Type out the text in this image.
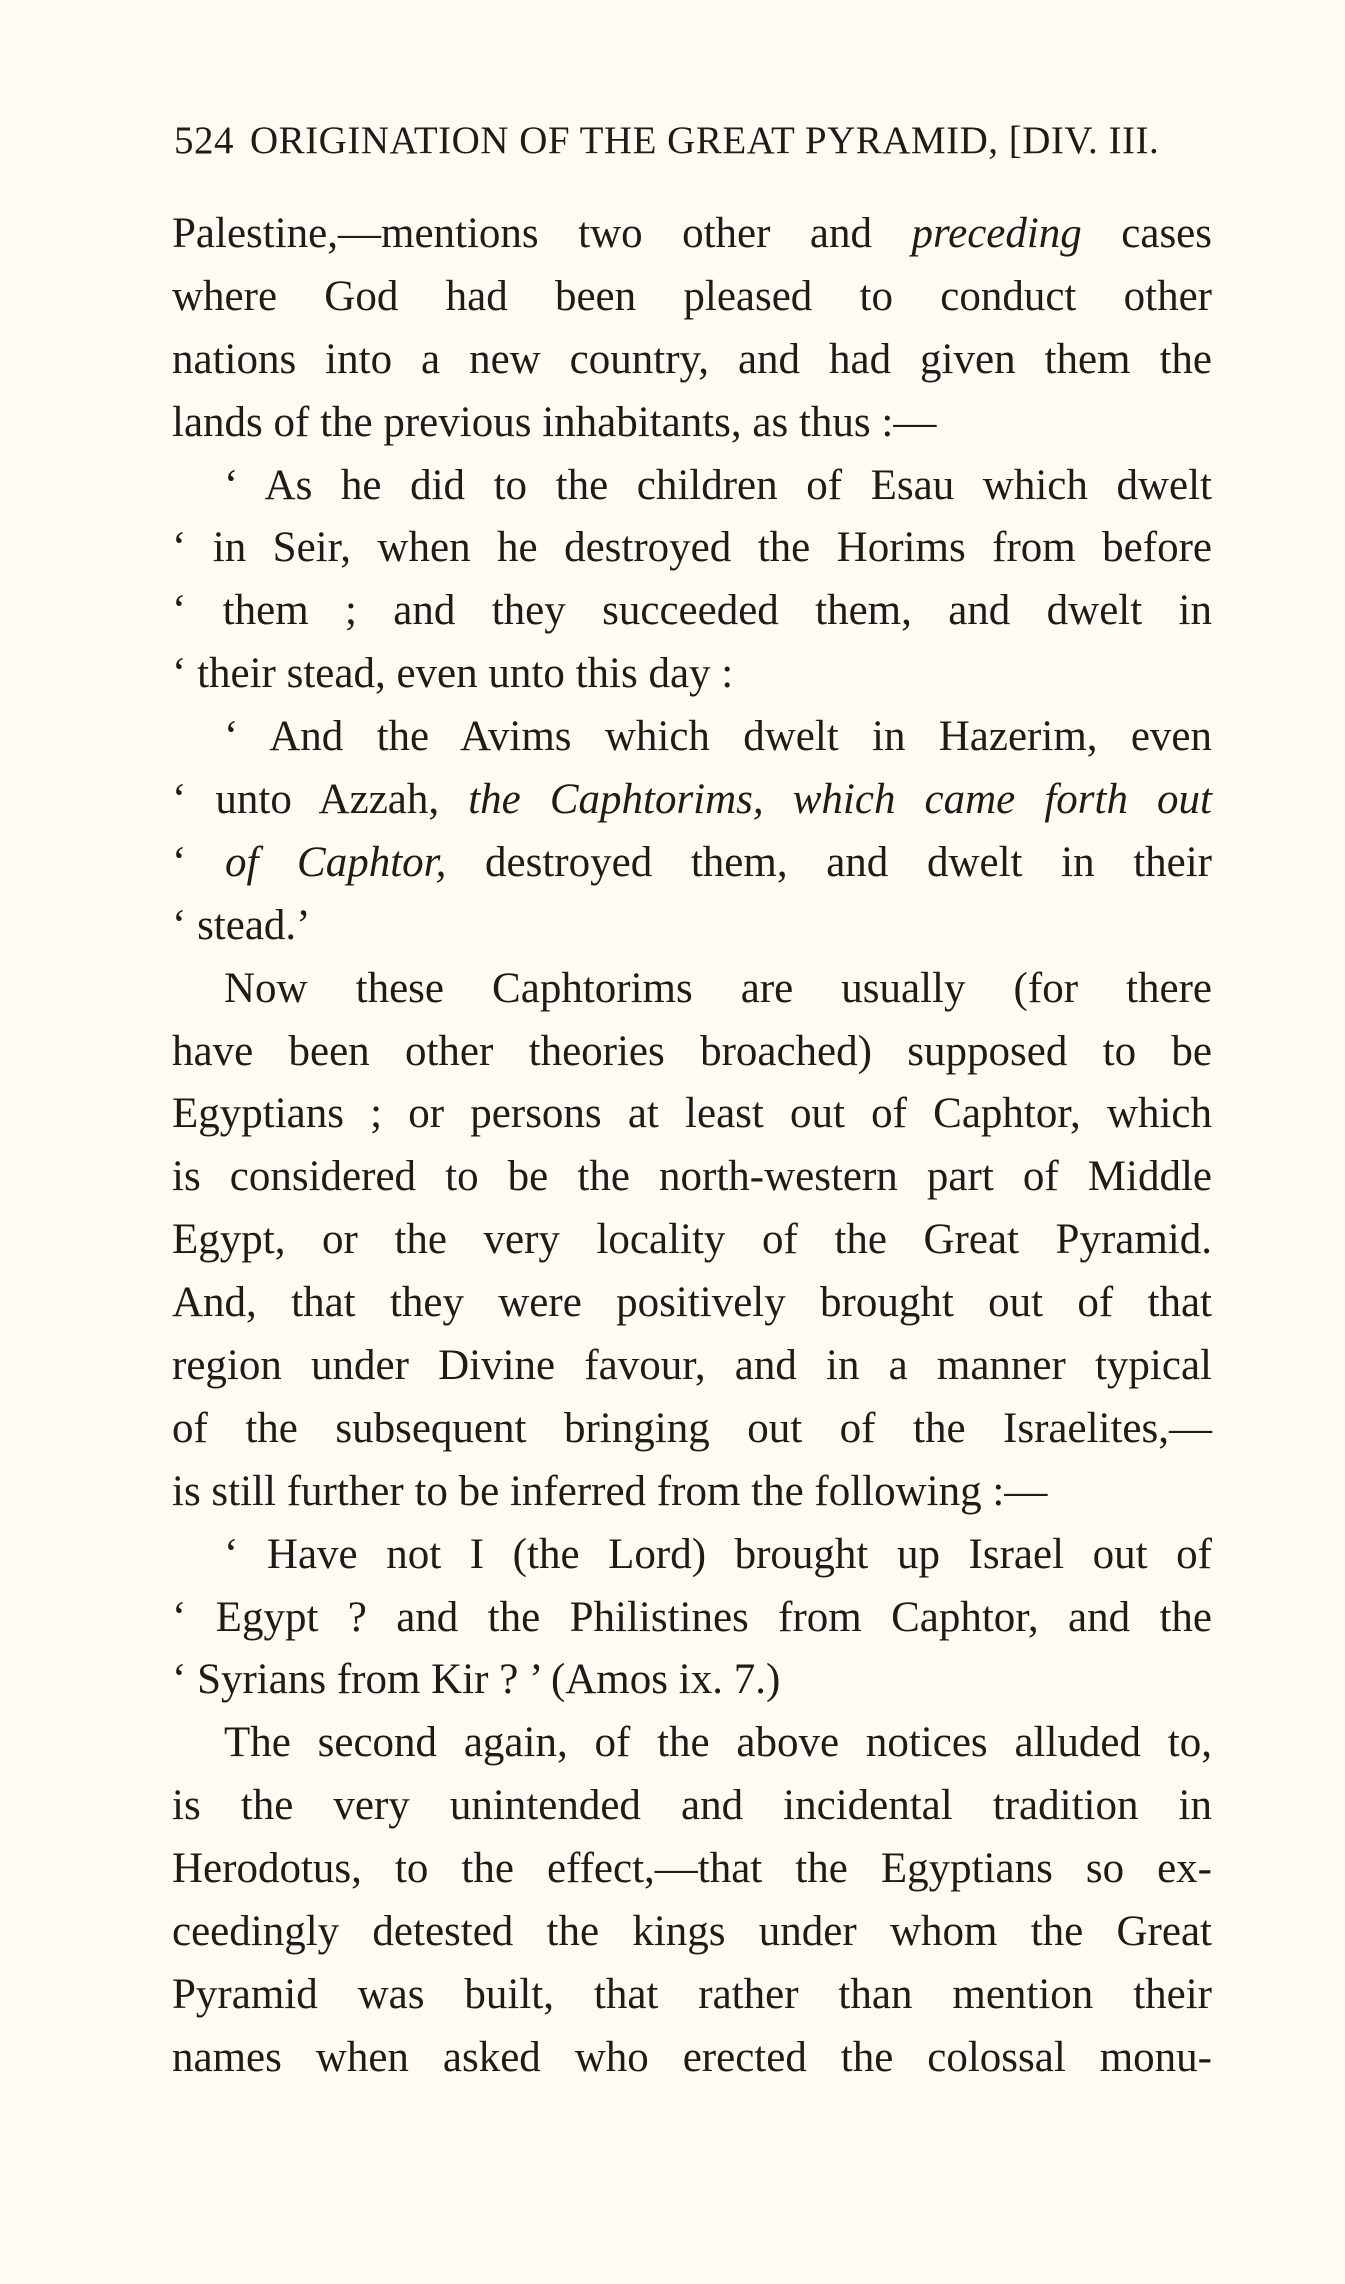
524 ORIGINATION OF THE GREAT PYRAMID, [DIV. III.
Palestine,—mentions two other and preceding cases
where God had been pleased to conduct other
nations into a new country, and had given them the
lands of the previous inhabitants, as thus :—
‘ As he did to the children of Esau which dwelt
‘ in Seir, when he destroyed the Horims from before
‘ them ; and they succeeded them, and dwelt in
‘ their stead, even unto this day :
‘ And the Avims which dwelt in Hazerim, even
‘ unto Azzah, the Caphtorims, which came forth out
‘ of Caphtor, destroyed them, and dwelt in their
‘ stead.’
Now these Caphtorims are usually (for there
have been other theories broached) supposed to be
Egyptians ; or persons at least out of Caphtor, which
is considered to be the north-western part of Middle
Egypt, or the very locality of the Great Pyramid.
And, that they were positively brought out of that
region under Divine favour, and in a manner typical
of the subsequent bringing out of the Israelites,—
is still further to be inferred from the following :—
‘ Have not I (the Lord) brought up Israel out of
‘ Egypt ? and the Philistines from Caphtor, and the
‘ Syrians from Kir ? ’ (Amos ix. 7.)
The second again, of the above notices alluded to,
is the very unintended and incidental tradition in
Herodotus, to the effect,—that the Egyptians so ex-
ceedingly detested the kings under whom the Great
Pyramid was built, that rather than mention their
names when asked who erected the colossal monu-
